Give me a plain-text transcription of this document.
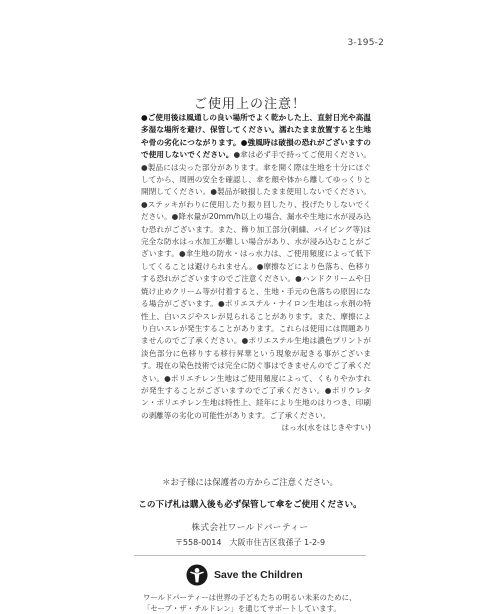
3-195-2
ご使用上の注意！
●ご使用後は風通しの良い場所でよく乾かした上、直射日光や高温多湿な場所を避け、保管してください。濡れたまま放置すると生地や骨の劣化につながります。●強風時は破損の恐れがございますので使用しないでください。●傘は必ず手で持ってご使用ください。●製品には尖った部分があります。傘を開く際は生地を十分にほぐしてから、周囲の安全を確認し、傘を顔や体から離してゆっくりと開閉してください。●製品が破損したまま使用しないでください。●ステッキがわりに使用したり振り回したり、投げたりしないでください。●降水量が20mm/h以上の場合、漏水や生地に水が浸み込む恐れがございます。また、飾り加工部分(刺繍、パイピング等)は完全な防水はっ水加工が難しい場合があり、水が浸み込むことがございます。●傘生地の防水・はっ水力は、ご使用頻度によって低下してくることは避けられません。●摩擦などにより色落ち、色移りする恐れがございますのでご注意ください。●ハンドクリームや日焼け止めクリーム等が付着すると、生地・手元の色落ちの原因になる場合がございます。●ポリエステル・ナイロン生地はっ水剤の特性上、白いスジやスレが見られることがあります。また、摩擦により白いスレが発生することがあります。これらは使用には問題ありませんのでご了承ください。●ポリエステル生地は濃色プリントが淡色部分に色移りする移行昇華という現象が起きる事がございます。現在の染色技術では完全に防ぐ事はできませんのでご了承ください。●ポリエチレン生地はご使用頻度によって、くもりやかすれが発生することがございますのでご了承ください。●ポリウレタン・ポリエチレン生地は特性上、経年により生地のはりつき、印刷の剥離等の劣化の可能性があります。ご了承ください。
はっ水(水をはじきやすい)
＊お子様には保護者の方からご注意ください。
この下げ札は購入後も必ず保管して傘をご使用ください。
株式会社ワールドパーティー
〒558-0014　大阪市住吉区我孫子 1-2-9
Save the Children
ワールドパーティーは世界の子どもたちの明るい未来のために、
「セーブ・ザ・チルドレン」を通じてサポートしています。
